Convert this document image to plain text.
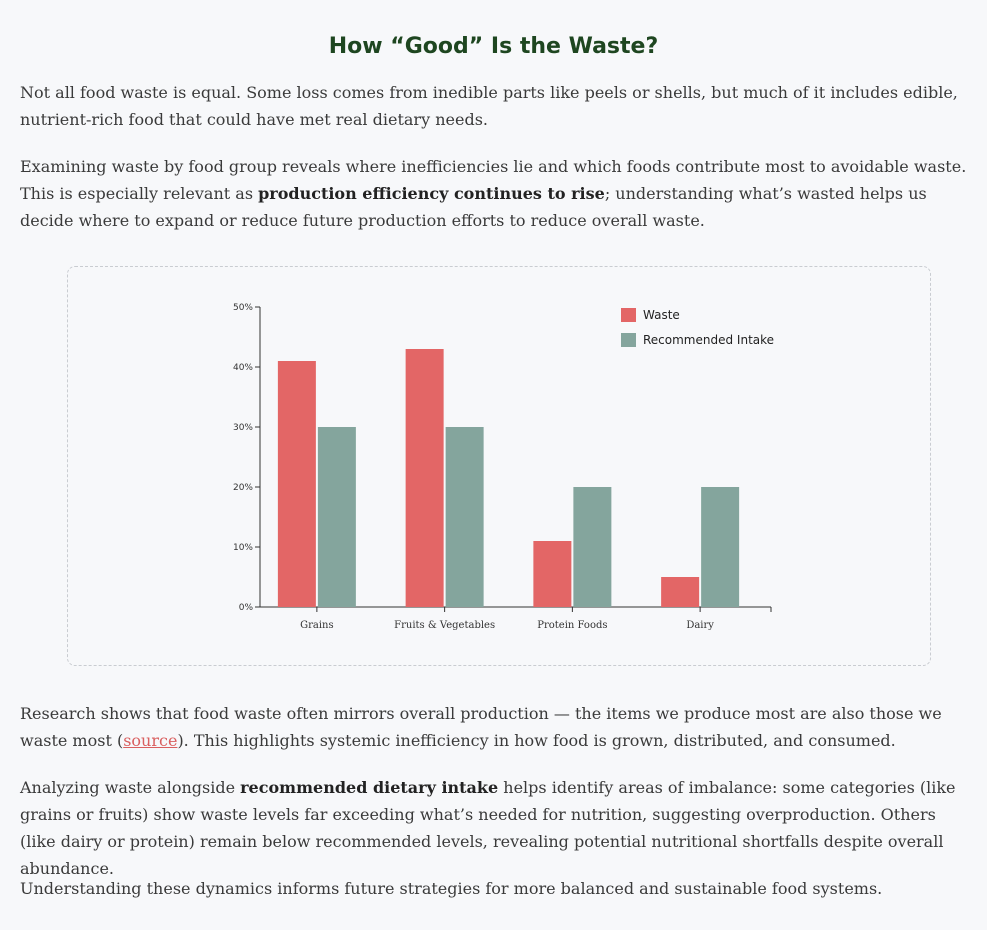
How “Good” Is the Waste?

Not all food waste is equal. Some loss comes from inedible parts like peels or shells, but much of it includes edible, nutrient-rich food that could have met real dietary needs.

Examining waste by food group reveals where inefficiencies lie and which foods contribute most to avoidable waste. This is especially relevant as production efficiency continues to rise; understanding what’s wasted helps us decide where to expand or reduce future production efforts to reduce overall waste.

0%
10%
20%
30%
40%
50%
Grains	Fruits & Vegetables	Protein Foods	Dairy
Waste
Recommended Intake

Research shows that food waste often mirrors overall production — the items we produce most are also those we waste most (source). This highlights systemic inefficiency in how food is grown, distributed, and consumed.

Analyzing waste alongside recommended dietary intake helps identify areas of imbalance: some categories (like grains or fruits) show waste levels far exceeding what’s needed for nutrition, suggesting overproduction. Others (like dairy or protein) remain below recommended levels, revealing potential nutritional shortfalls despite overall abundance.

Understanding these dynamics informs future strategies for more balanced and sustainable food systems.
